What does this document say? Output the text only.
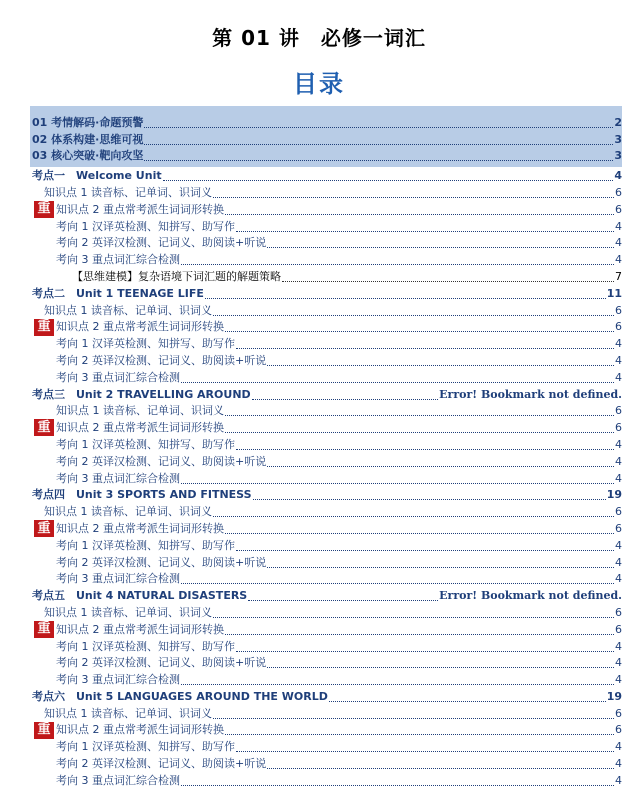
第 01 讲　必修一词汇
目录
01 考情解码·命题预警	2
02 体系构建·思维可视	3
03 核心突破·靶向攻坚	3
考点一　Welcome Unit	4
知识点 1 读音标、记单词、识词义	6
重 知识点 2 重点常考派生词词形转换	6
考向 1 汉译英检测、知拼写、助写作	4
考向 2 英译汉检测、记词义、助阅读+听说	4
考向 3 重点词汇综合检测	4
【思维建模】复杂语境下词汇题的解题策略	7
考点二　Unit 1 TEENAGE LIFE	11
知识点 1 读音标、记单词、识词义	6
重 知识点 2 重点常考派生词词形转换	6
考向 1 汉译英检测、知拼写、助写作	4
考向 2 英译汉检测、记词义、助阅读+听说	4
考向 3 重点词汇综合检测	4
考点三　Unit 2 TRAVELLING AROUND	Error! Bookmark not defined.
知识点 1 读音标、记单词、识词义	6
重 知识点 2 重点常考派生词词形转换	6
考向 1 汉译英检测、知拼写、助写作	4
考向 2 英译汉检测、记词义、助阅读+听说	4
考向 3 重点词汇综合检测	4
考点四　Unit 3 SPORTS AND FITNESS	19
知识点 1 读音标、记单词、识词义	6
重 知识点 2 重点常考派生词词形转换	6
考向 1 汉译英检测、知拼写、助写作	4
考向 2 英译汉检测、记词义、助阅读+听说	4
考向 3 重点词汇综合检测	4
考点五　Unit 4 NATURAL DISASTERS	Error! Bookmark not defined.
知识点 1 读音标、记单词、识词义	6
重 知识点 2 重点常考派生词词形转换	6
考向 1 汉译英检测、知拼写、助写作	4
考向 2 英译汉检测、记词义、助阅读+听说	4
考向 3 重点词汇综合检测	4
考点六　Unit 5 LANGUAGES AROUND THE WORLD	19
知识点 1 读音标、记单词、识词义	6
重 知识点 2 重点常考派生词词形转换	6
考向 1 汉译英检测、知拼写、助写作	4
考向 2 英译汉检测、记词义、助阅读+听说	4
考向 3 重点词汇综合检测	4
